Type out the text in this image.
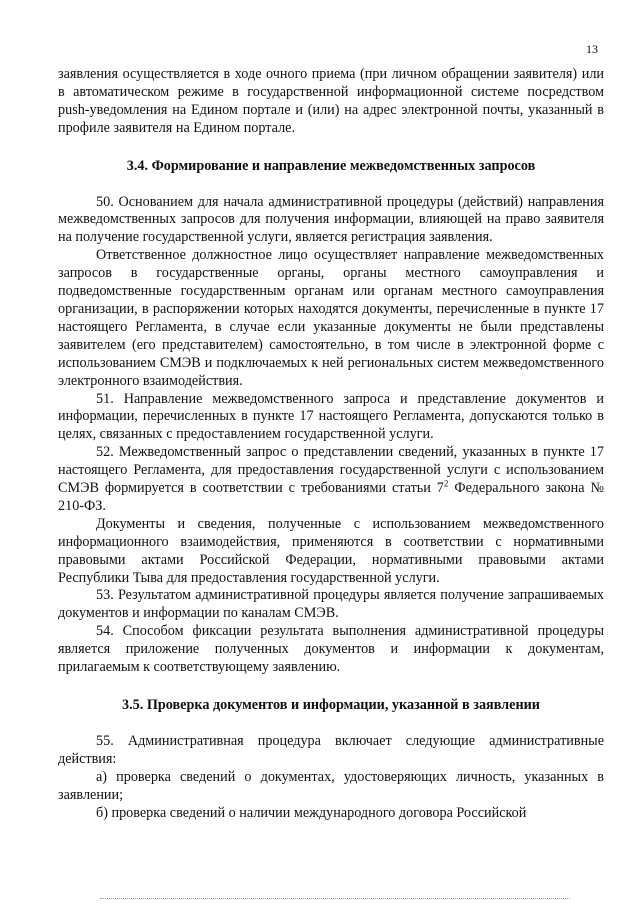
13

заявления осуществляется в ходе очного приема (при личном обращении заявителя) или в автоматическом режиме в государственной информационной системе посредством push-уведомления на Едином портале и (или) на адрес электронной почты, указанный в профиле заявителя на Едином портале.

3.4. Формирование и направление межведомственных запросов

50. Основанием для начала административной процедуры (действий) направления межведомственных запросов для получения информации, влияющей на право заявителя на получение государственной услуги, является регистрация заявления.

Ответственное должностное лицо осуществляет направление межведомственных запросов в государственные органы, органы местного самоуправления и подведомственные государственным органам или органам местного самоуправления организации, в распоряжении которых находятся документы, перечисленные в пункте 17 настоящего Регламента, в случае если указанные документы не были представлены заявителем (его представителем) самостоятельно, в том числе в электронной форме с использованием СМЭВ и подключаемых к ней региональных систем межведомственного электронного взаимодействия.

51. Направление межведомственного запроса и представление документов и информации, перечисленных в пункте 17 настоящего Регламента, допускаются только в целях, связанных с предоставлением государственной услуги.

52. Межведомственный запрос о представлении сведений, указанных в пункте 17 настоящего Регламента, для предоставления государственной услуги с использованием СМЭВ формируется в соответствии с требованиями статьи $7^2$ Федерального закона № 210-ФЗ.

Документы и сведения, полученные с использованием межведомственного информационного взаимодействия, применяются в соответствии с нормативными правовыми актами Российской Федерации, нормативными правовыми актами Республики Тыва для предоставления государственной услуги.

53. Результатом административной процедуры является получение запрашиваемых документов и информации по каналам СМЭВ.

54. Способом фиксации результата выполнения административной процедуры является приложение полученных документов и информации к документам, прилагаемым к соответствующему заявлению.

3.5. Проверка документов и информации, указанной в заявлении

55. Административная процедура включает следующие административные действия:

а) проверка сведений о документах, удостоверяющих личность, указанных в заявлении;

б) проверка сведений о наличии международного договора Российской
